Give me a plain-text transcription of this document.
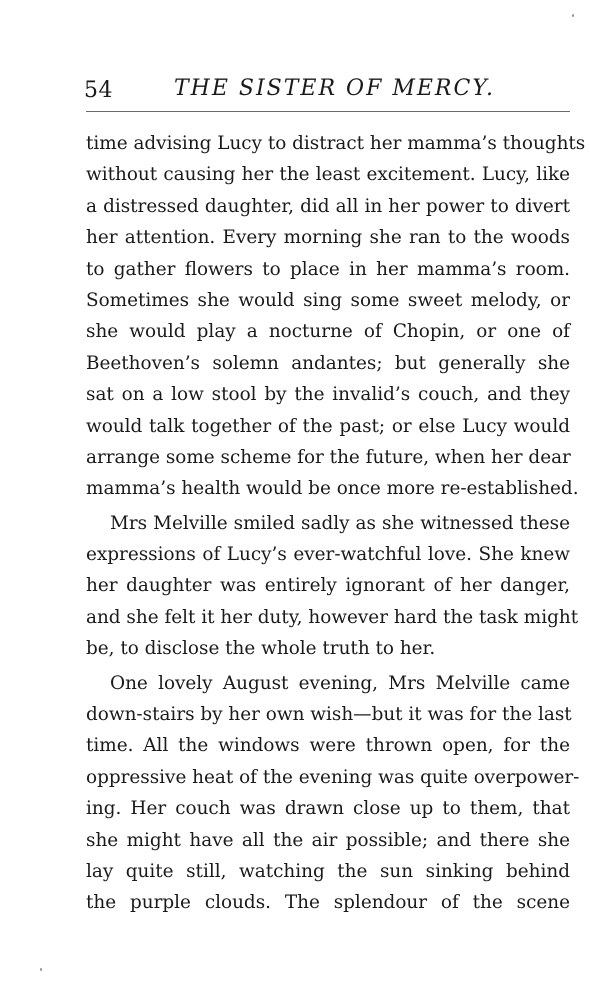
54	THE SISTER OF MERCY.
time advising Lucy to distract her mamma’s thoughts
without causing her the least excitement. Lucy, like
a distressed daughter, did all in her power to divert
her attention. Every morning she ran to the woods
to gather flowers to place in her mamma’s room.
Sometimes she would sing some sweet melody, or
she would play a nocturne of Chopin, or one of
Beethoven’s solemn andantes; but generally she
sat on a low stool by the invalid’s couch, and they
would talk together of the past; or else Lucy would
arrange some scheme for the future, when her dear
mamma’s health would be once more re-established.
Mrs Melville smiled sadly as she witnessed these
expressions of Lucy’s ever-watchful love. She knew
her daughter was entirely ignorant of her danger,
and she felt it her duty, however hard the task might
be, to disclose the whole truth to her.
One lovely August evening, Mrs Melville came
down-stairs by her own wish—but it was for the last
time. All the windows were thrown open, for the
oppressive heat of the evening was quite overpower-
ing. Her couch was drawn close up to them, that
she might have all the air possible; and there she
lay quite still, watching the sun sinking behind
the purple clouds. The splendour of the scene
